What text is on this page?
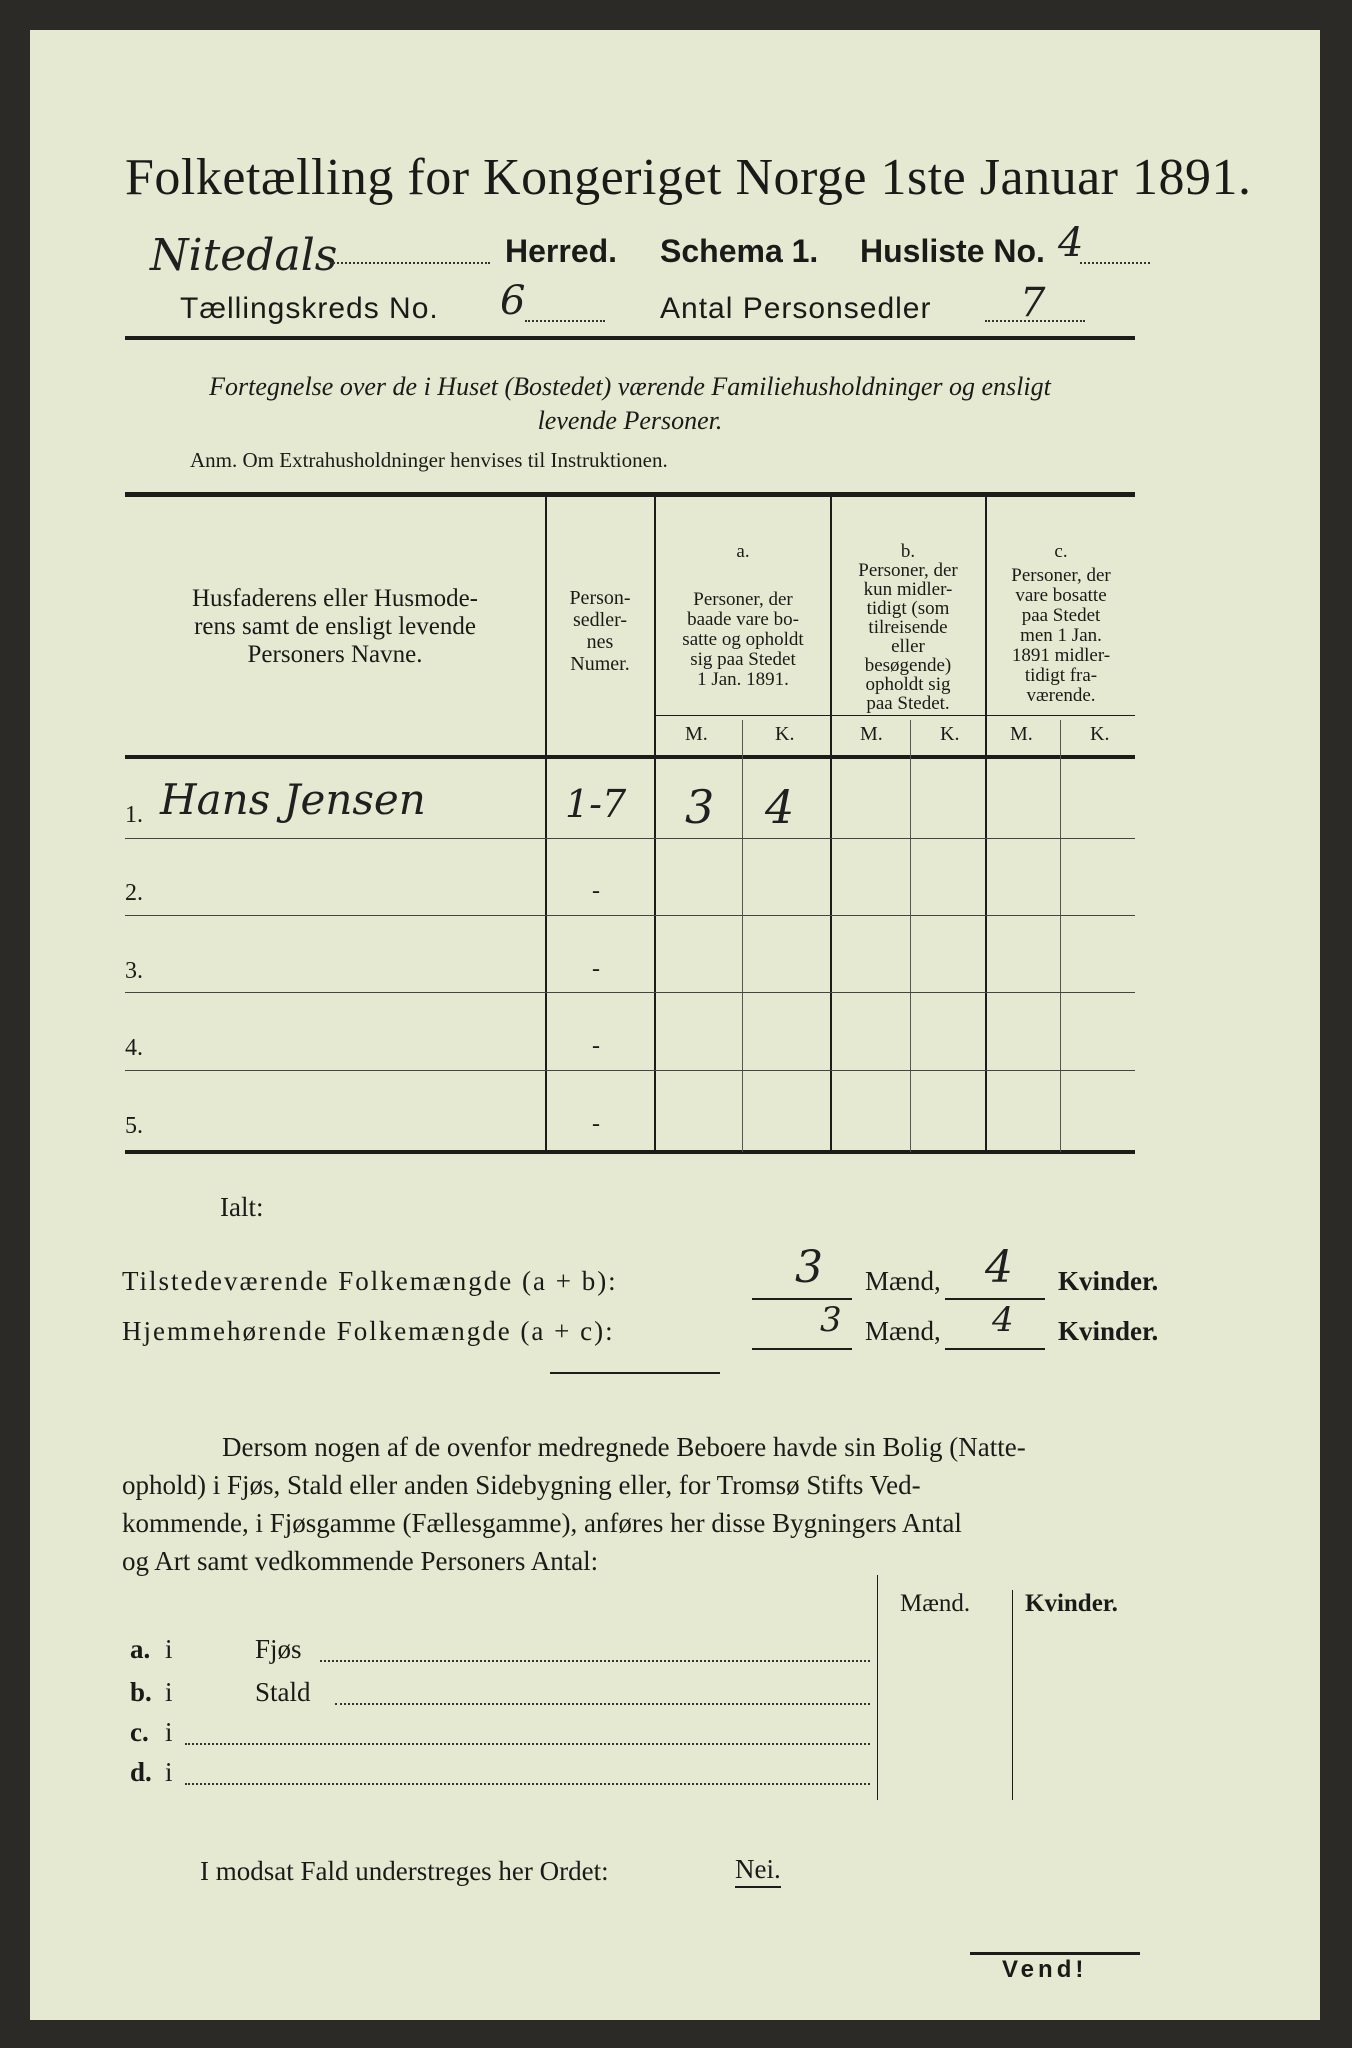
Folketælling for Kongeriget Norge 1ste Januar 1891.
Nitedals	Herred. Schema 1. Husliste No. 4
Tællingskreds No. 6	Antal Personsedler 7
Fortegnelse over de i Huset (Bostedet) værende Familiehusholdninger og ensligt
levende Personer.
Anm. Om Extrahusholdninger henvises til Instruktionen.
Husfaderens eller Husmode-
rens samt de ensligt levende
Personers Navne.
Person-
sedler-
nes
Numer.
a.
Personer, der
baade vare bo-
satte og opholdt
sig paa Stedet
1 Jan. 1891.
b.
Personer, der
kun midler-
tidigt (som
tilreisende
eller
besøgende)
opholdt sig
paa Stedet.
c.
Personer, der
vare bosatte
paa Stedet
men 1 Jan.
1891 midler-
tidigt fra-
værende.
M.	K.	M.	K.	M.	K.
1. Hans Jensen	1-7 3 4
2.	-
3.	-
4.	-
5.	-
Ialt:
Tilstedeværende Folkemængde (a + b):	3 Mænd, 4 Kvinder.
Hjemmehørende Folkemængde (a + c):	3 Mænd, 4 Kvinder.
Dersom nogen af de ovenfor medregnede Beboere havde sin Bolig (Natte-
ophold) i Fjøs, Stald eller anden Sidebygning eller, for Tromsø Stifts Ved-
kommende, i Fjøsgamme (Fællesgamme), anføres her disse Bygningers Antal
og Art samt vedkommende Personers Antal:
Mænd. Kvinder.
a. i	Fjøs
b. i	Stald
c. i
d. i
I modsat Fald understreges her Ordet:	Nei.
Vend!
